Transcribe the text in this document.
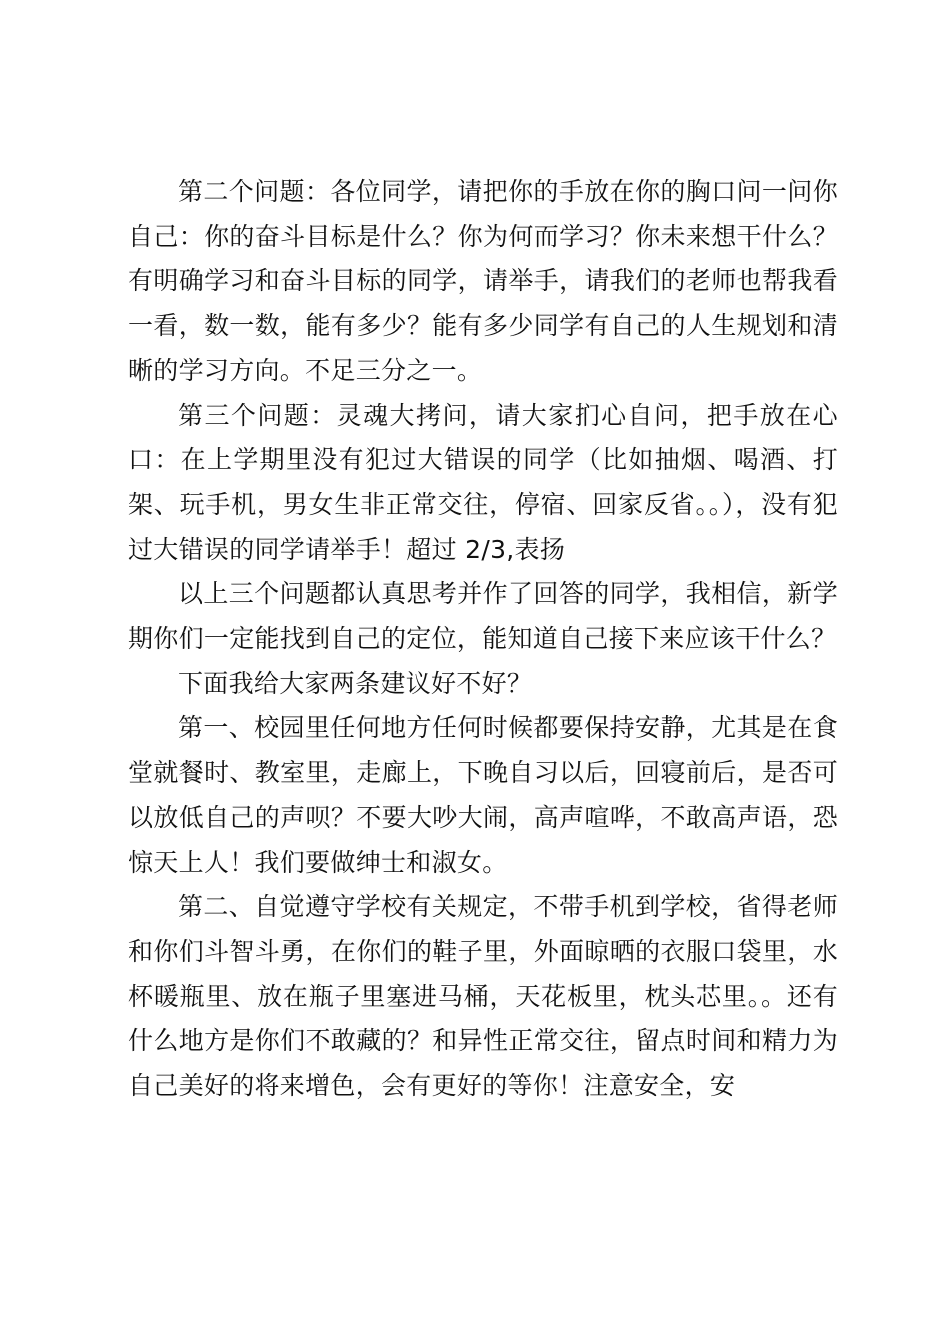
第二个问题：各位同学，请把你的手放在你的胸口问一问你自己：你的奋斗目标是什么？你为何而学习？你未来想干什么？有明确学习和奋斗目标的同学，请举手，请我们的老师也帮我看一看，数一数，能有多少？能有多少同学有自己的人生规划和清晰的学习方向。不足三分之一。

第三个问题：灵魂大拷问，请大家扪心自问，把手放在心口：在上学期里没有犯过大错误的同学（比如抽烟、喝酒、打架、玩手机，男女生非正常交往，停宿、回家反省。。），没有犯过大错误的同学请举手！超过 2/3,表扬

以上三个问题都认真思考并作了回答的同学，我相信，新学期你们一定能找到自己的定位，能知道自己接下来应该干什么？

下面我给大家两条建议好不好？

第一、校园里任何地方任何时候都要保持安静，尤其是在食堂就餐时、教室里，走廊上，下晚自习以后，回寝前后，是否可以放低自己的声呗？不要大吵大闹，高声喧哗，不敢高声语，恐惊天上人！我们要做绅士和淑女。

第二、自觉遵守学校有关规定，不带手机到学校，省得老师和你们斗智斗勇，在你们的鞋子里，外面晾晒的衣服口袋里，水杯暖瓶里、放在瓶子里塞进马桶，天花板里，枕头芯里。。还有什么地方是你们不敢藏的？和异性正常交往，留点时间和精力为自己美好的将来增色，会有更好的等你！注意安全，安
